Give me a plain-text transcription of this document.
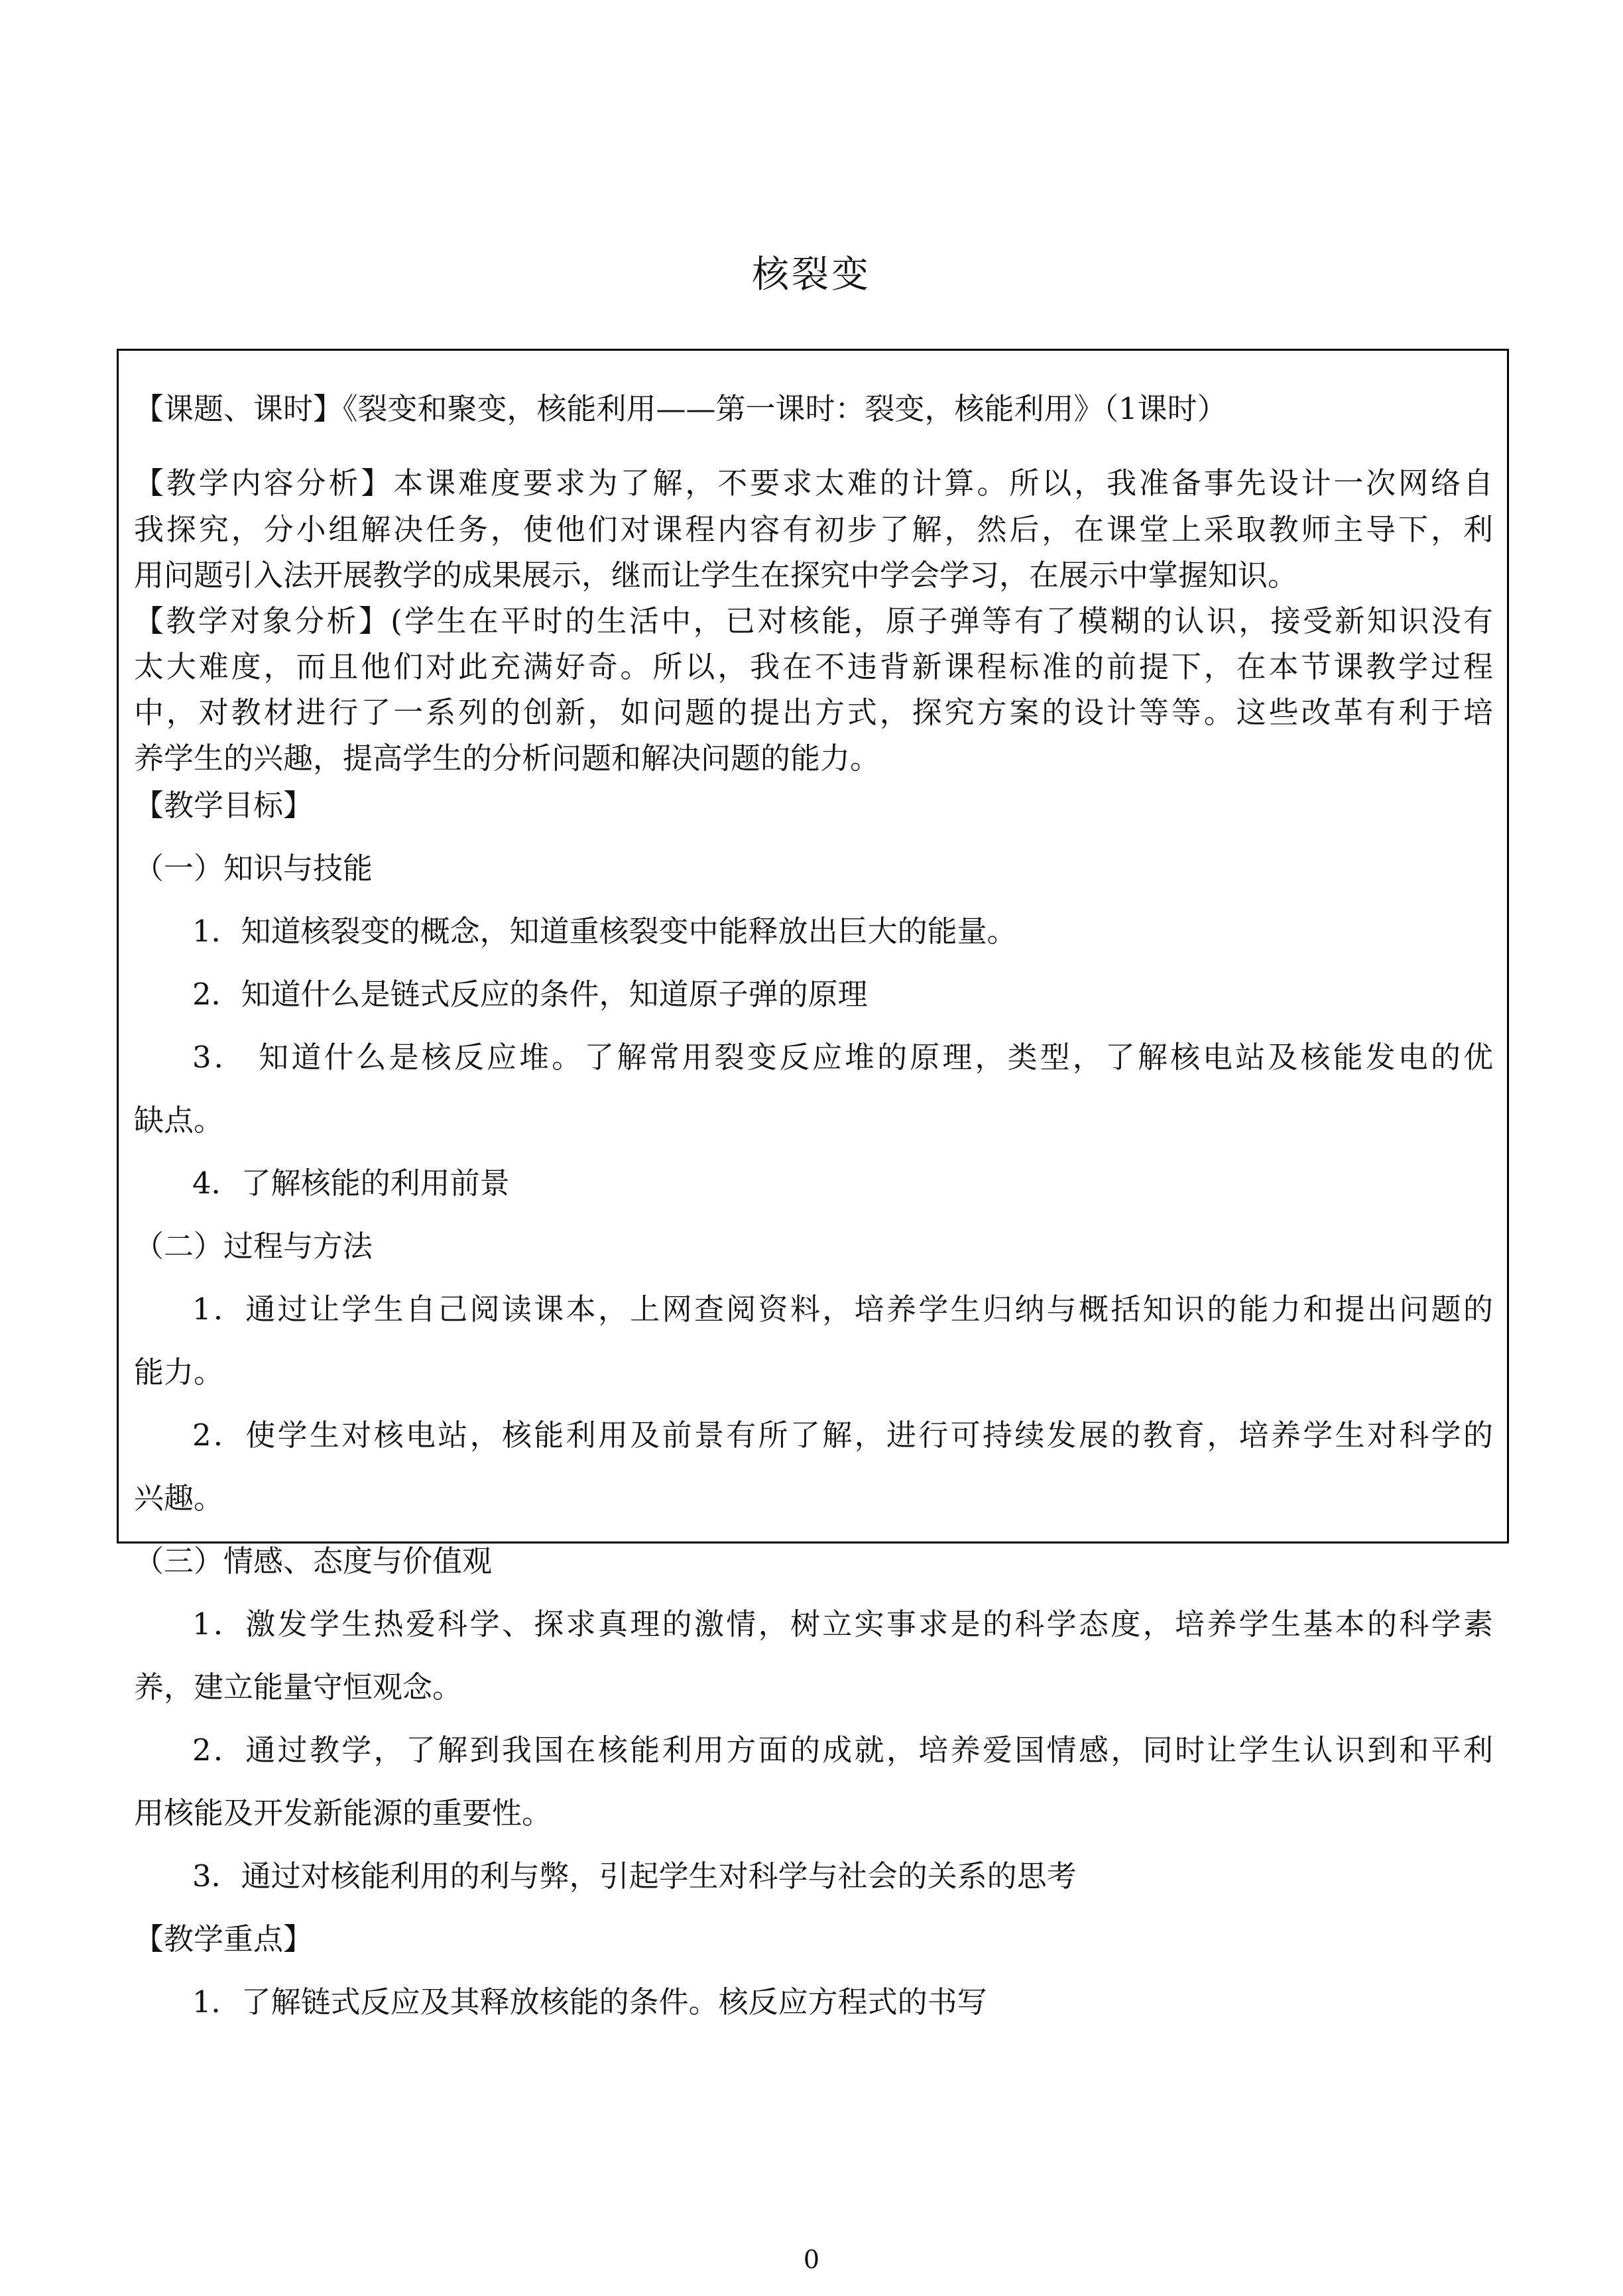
核裂变
【课题、课时】《裂变和聚变，核能利用——第一课时：裂变，核能利用》（1课时）
【教学内容分析】本课难度要求为了解，不要求太难的计算。所以，我准备事先设计一次网络自
我探究，分小组解决任务，使他们对课程内容有初步了解，然后，在课堂上采取教师主导下，利
用问题引入法开展教学的成果展示，继而让学生在探究中学会学习，在展示中掌握知识。
【教学对象分析】(学生在平时的生活中，已对核能，原子弹等有了模糊的认识，接受新知识没有
太大难度，而且他们对此充满好奇。所以，我在不违背新课程标准的前提下，在本节课教学过程
中，对教材进行了一系列的创新，如问题的提出方式，探究方案的设计等等。这些改革有利于培
养学生的兴趣，提高学生的分析问题和解决问题的能力。
【教学目标】
（一）知识与技能
1．知道核裂变的概念，知道重核裂变中能释放出巨大的能量。
2．知道什么是链式反应的条件，知道原子弹的原理
3． 知道什么是核反应堆。了解常用裂变反应堆的原理，类型，了解核电站及核能发电的优
缺点。
4．了解核能的利用前景
（二）过程与方法
1．通过让学生自己阅读课本，上网查阅资料，培养学生归纳与概括知识的能力和提出问题的
能力。
2．使学生对核电站，核能利用及前景有所了解，进行可持续发展的教育，培养学生对科学的
兴趣。
（三）情感、态度与价值观
1．激发学生热爱科学、探求真理的激情，树立实事求是的科学态度，培养学生基本的科学素
养，建立能量守恒观念。
2．通过教学，了解到我国在核能利用方面的成就，培养爱国情感，同时让学生认识到和平利
用核能及开发新能源的重要性。
3．通过对核能利用的利与弊，引起学生对科学与社会的关系的思考
【教学重点】
1．了解链式反应及其释放核能的条件。核反应方程式的书写
0
